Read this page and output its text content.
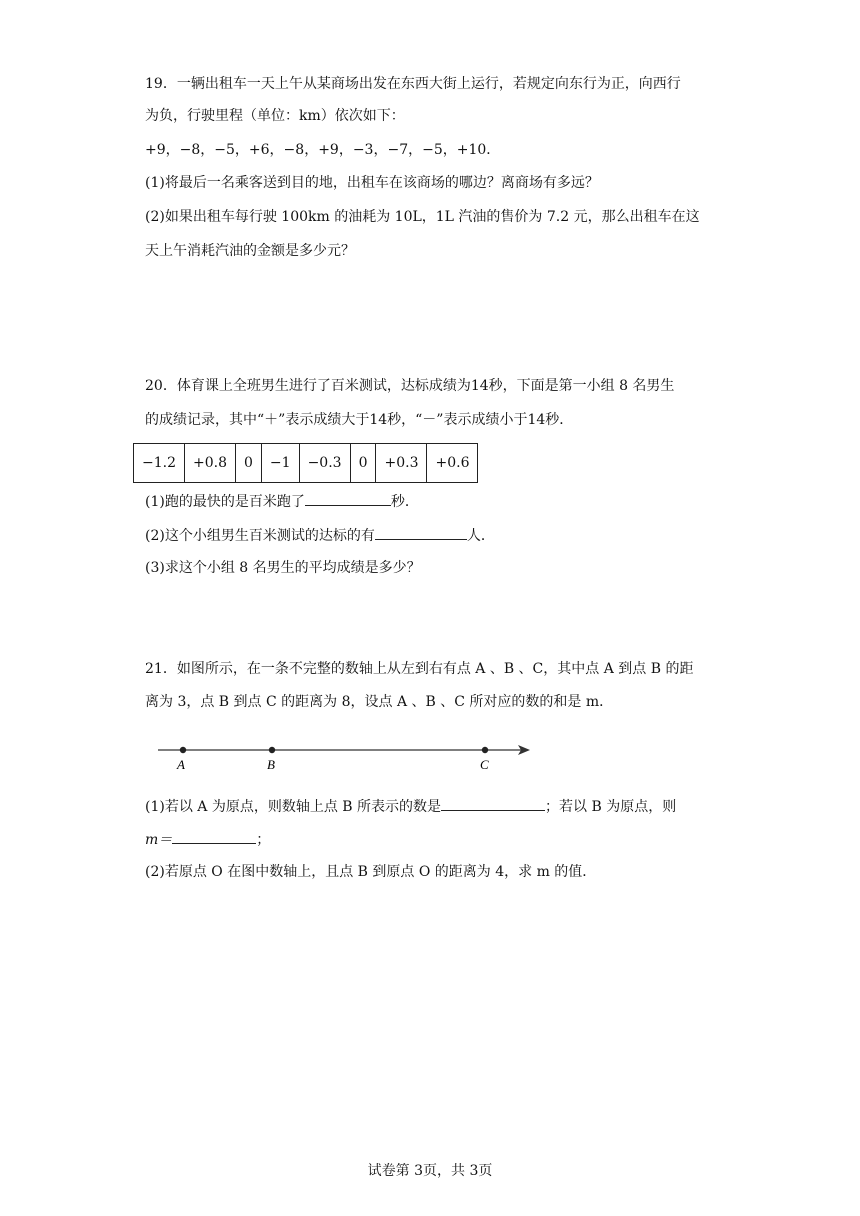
19．一辆出租车一天上午从某商场出发在东西大街上运行，若规定向东行为正，向西行
为负，行驶里程（单位：km）依次如下：
+9，−8，−5，+6，−8，+9，−3，−7，−5，+10．
(1)将最后一名乘客送到目的地，出租车在该商场的哪边？离商场有多远？
(2)如果出租车每行驶 100km 的油耗为 10L，1L 汽油的售价为 7.2 元，那么出租车在这
天上午消耗汽油的金额是多少元？
20．体育课上全班男生进行了百米测试，达标成绩为14秒，下面是第一小组 8 名男生
的成绩记录，其中“＋”表示成绩大于14秒，“－”表示成绩小于14秒．
−1.2	+0.8	0	−1	−0.3	0	+0.3	+0.6
(1)跑的最快的是百米跑了	秒．
(2)这个小组男生百米测试的达标的有	人．
(3)求这个小组 8 名男生的平均成绩是多少？
21．如图所示，在一条不完整的数轴上从左到右有点 A 、B 、C，其中点 A 到点 B 的距
离为 3，点 B 到点 C 的距离为 8，设点 A 、B 、C 所对应的数的和是 m．
A	B	C
(1)若以 A 为原点，则数轴上点 B 所表示的数是	；若以 B 为原点，则
m＝	；
(2)若原点 O 在图中数轴上，且点 B 到原点 O 的距离为 4，求 m 的值．
试卷第 3页，共 3页
